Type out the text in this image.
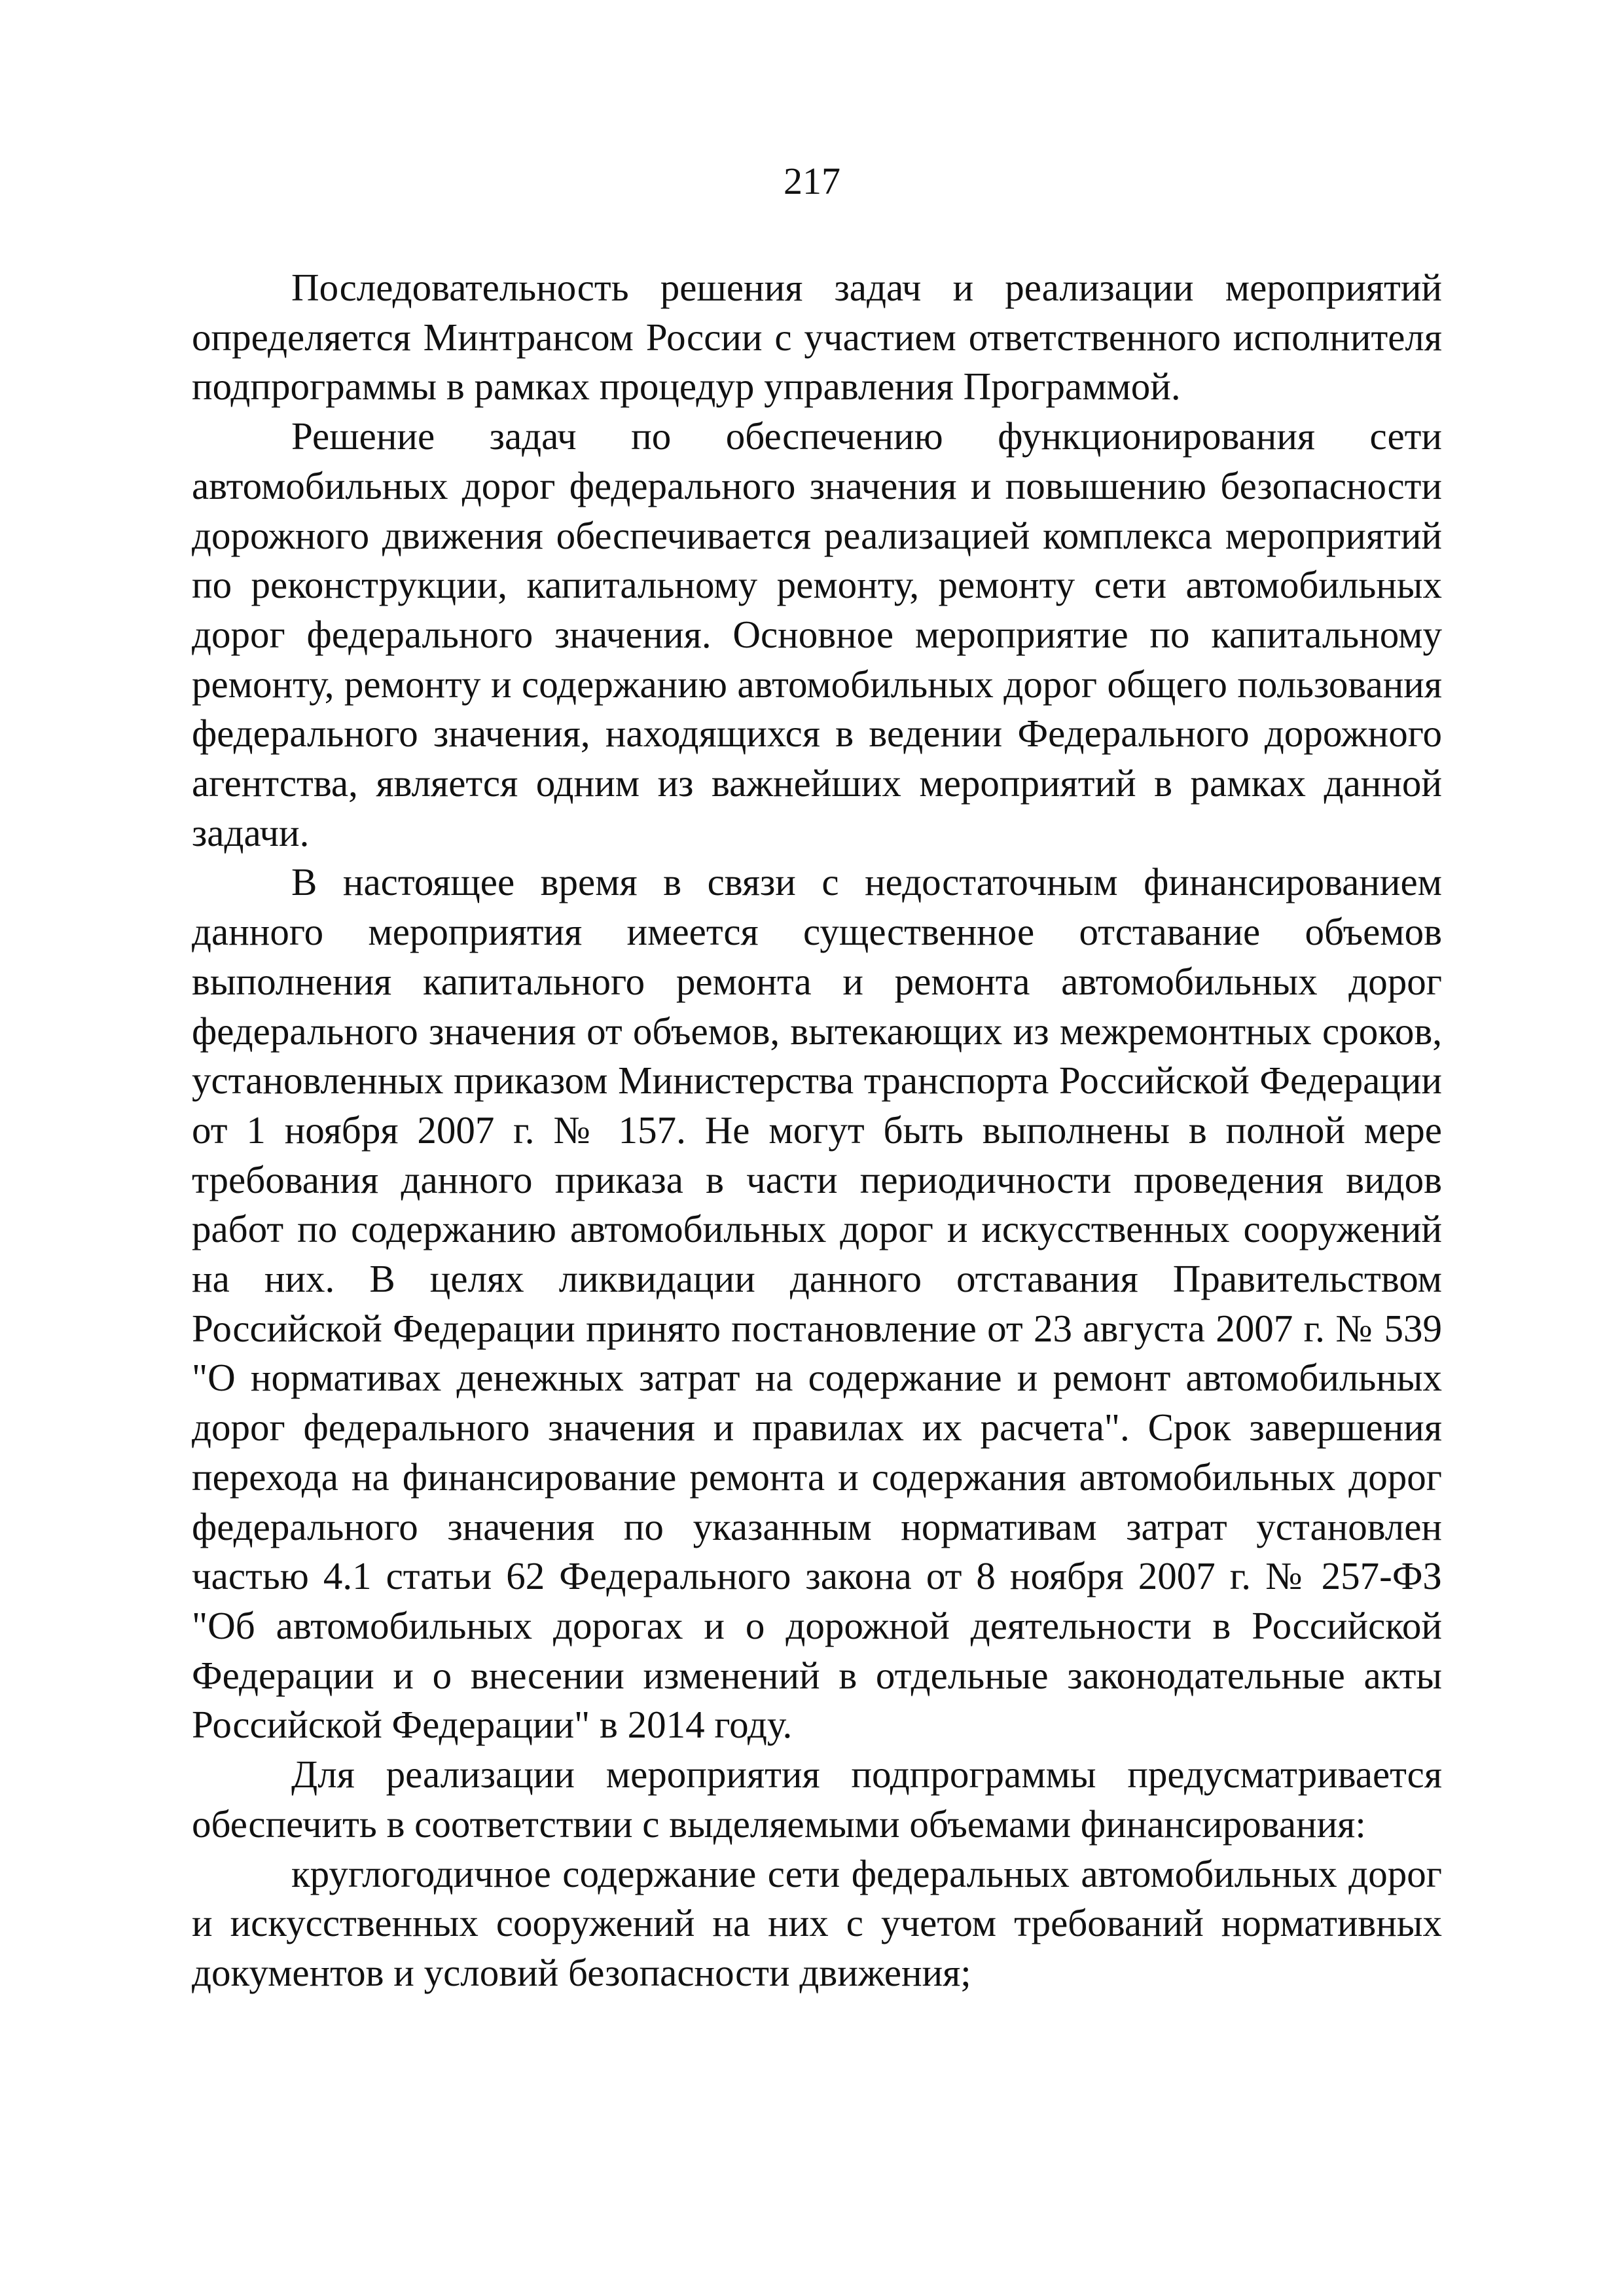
217

Последовательность решения задач и реализации мероприятий определяется Минтрансом России с участием ответственного исполнителя подпрограммы в рамках процедур управления Программой.

Решение задач по обеспечению функционирования сети автомобильных дорог федерального значения и повышению безопасности дорожного движения обеспечивается реализацией комплекса мероприятий по реконструкции, капитальному ремонту, ремонту сети автомобильных дорог федерального значения. Основное мероприятие по капитальному ремонту, ремонту и содержанию автомобильных дорог общего пользования федерального значения, находящихся в ведении Федерального дорожного агентства, является одним из важнейших мероприятий в рамках данной задачи.

В настоящее время в связи с недостаточным финансированием данного мероприятия имеется существенное отставание объемов выполнения капитального ремонта и ремонта автомобильных дорог федерального значения от объемов, вытекающих из межремонтных сроков, установленных приказом Министерства транспорта Российской Федерации от 1 ноября 2007 г. № 157. Не могут быть выполнены в полной мере требования данного приказа в части периодичности проведения видов работ по содержанию автомобильных дорог и искусственных сооружений на них. В целях ликвидации данного отставания Правительством Российской Федерации принято постановление от 23 августа 2007 г. № 539 "О нормативах денежных затрат на содержание и ремонт автомобильных дорог федерального значения и правилах их расчета". Срок завершения перехода на финансирование ремонта и содержания автомобильных дорог федерального значения по указанным нормативам затрат установлен частью 4.1 статьи 62 Федерального закона от 8 ноября 2007 г. № 257-ФЗ "Об автомобильных дорогах и о дорожной деятельности в Российской Федерации и о внесении изменений в отдельные законодательные акты Российской Федерации" в 2014 году.

Для реализации мероприятия подпрограммы предусматривается обеспечить в соответствии с выделяемыми объемами финансирования:

круглогодичное содержание сети федеральных автомобильных дорог и искусственных сооружений на них с учетом требований нормативных документов и условий безопасности движения;
